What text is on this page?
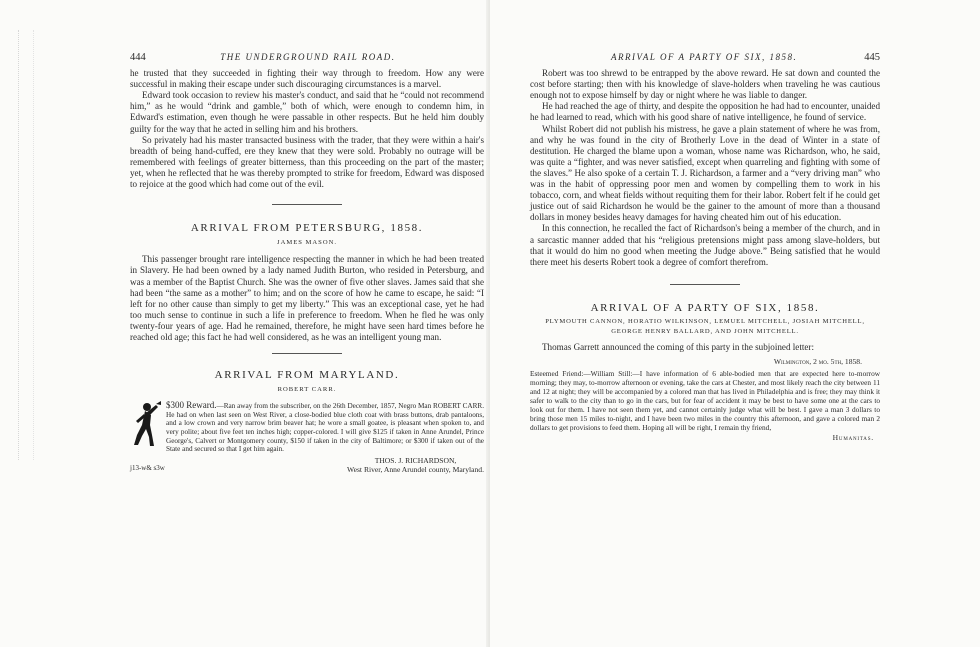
444	THE UNDERGROUND RAIL ROAD.

he trusted that they succeeded in fighting their way through to freedom. How any were successful in making their escape under such discouraging circumstances is a marvel.

Edward took occasion to review his master's conduct, and said that he “could not recommend him,” as he would “drink and gamble,” both of which, were enough to condemn him, in Edward's estimation, even though he were passable in other respects. But he held him doubly guilty for the way that he acted in selling him and his brothers.

So privately had his master transacted business with the trader, that they were within a hair's breadth of being hand-cuffed, ere they knew that they were sold. Probably no outrage will be remembered with feelings of greater bitterness, than this proceeding on the part of the master; yet, when he reflected that he was thereby prompted to strike for freedom, Edward was disposed to rejoice at the good which had come out of the evil.

ARRIVAL FROM PETERSBURG, 1858.
JAMES MASON.

This passenger brought rare intelligence respecting the manner in which he had been treated in Slavery. He had been owned by a lady named Judith Burton, who resided in Petersburg, and was a member of the Baptist Church. She was the owner of five other slaves. James said that she had been “the same as a mother” to him; and on the score of how he came to escape, he said: “I left for no other cause than simply to get my liberty.” This was an exceptional case, yet he had too much sense to continue in such a life in preference to freedom. When he fled he was only twenty-four years of age. Had he remained, therefore, he might have seen hard times before he reached old age; this fact he had well considered, as he was an intelligent young man.

ARRIVAL FROM MARYLAND.
ROBERT CARR.
$300 Reward.—Ran away from the subscriber, on the 26th December, 1857, Negro Man ROBERT CARR. He had on when last seen on West River, a close-bodied blue cloth coat with brass buttons, drab pantaloons, and a low crown and very narrow brim beaver hat; he wore a small goatee, is pleasant when spoken to, and very polite; about five feet ten inches high; copper-colored. I will give $125 if taken in Anne Arundel, Prince George's, Calvert or Montgomery county, $150 if taken in the city of Baltimore; or $300 if taken out of the State and secured so that I get him again.
j13-w& s3w
THOS. J. RICHARDSON,
West River, Anne Arundel county, Maryland.
ARRIVAL OF A PARTY OF SIX, 1858.	445

Robert was too shrewd to be entrapped by the above reward. He sat down and counted the cost before starting; then with his knowledge of slave-holders when traveling he was cautious enough not to expose himself by day or night where he was liable to danger.

He had reached the age of thirty, and despite the opposition he had had to encounter, unaided he had learned to read, which with his good share of native intelligence, he found of service.

Whilst Robert did not publish his mistress, he gave a plain statement of where he was from, and why he was found in the city of Brotherly Love in the dead of Winter in a state of destitution. He charged the blame upon a woman, whose name was Richardson, who, he said, was quite a “fighter, and was never satisfied, except when quarreling and fighting with some of the slaves.” He also spoke of a certain T. J. Richardson, a farmer and a “very driving man” who was in the habit of oppressing poor men and women by compelling them to work in his tobacco, corn, and wheat fields without requiting them for their labor. Robert felt if he could get justice out of said Richardson he would be the gainer to the amount of more than a thousand dollars in money besides heavy damages for having cheated him out of his education.

In this connection, he recalled the fact of Richardson's being a member of the church, and in a sarcastic manner added that his “religious pretensions might pass among slave-holders, but that it would do him no good when meeting the Judge above.” Being satisfied that he would there meet his deserts Robert took a degree of comfort therefrom.

ARRIVAL OF A PARTY OF SIX, 1858.
PLYMOUTH CANNON, HORATIO WILKINSON, LEMUEL MITCHELL, JOSIAH MITCHELL,
GEORGE HENRY BALLARD, AND JOHN MITCHELL.

Thomas Garrett announced the coming of this party in the subjoined letter:

Wilmington, 2 mo. 5th, 1858.
Esteemed Friend:—William Still:—I have information of 6 able-bodied men that are expected here to-morrow morning; they may, to-morrow afternoon or evening, take the cars at Chester, and most likely reach the city between 11 and 12 at night; they will be accompanied by a colored man that has lived in Philadelphia and is free; they may think it safer to walk to the city than to go in the cars, but for fear of accident it may be best to have some one at the cars to look out for them. I have not seen them yet, and cannot certainly judge what will be best. I gave a man 3 dollars to bring those men 15 miles to-night, and I have been two miles in the country this afternoon, and gave a colored man 2 dollars to get provisions to feed them. Hoping all will be right, I remain thy friend,
Humanitas.
